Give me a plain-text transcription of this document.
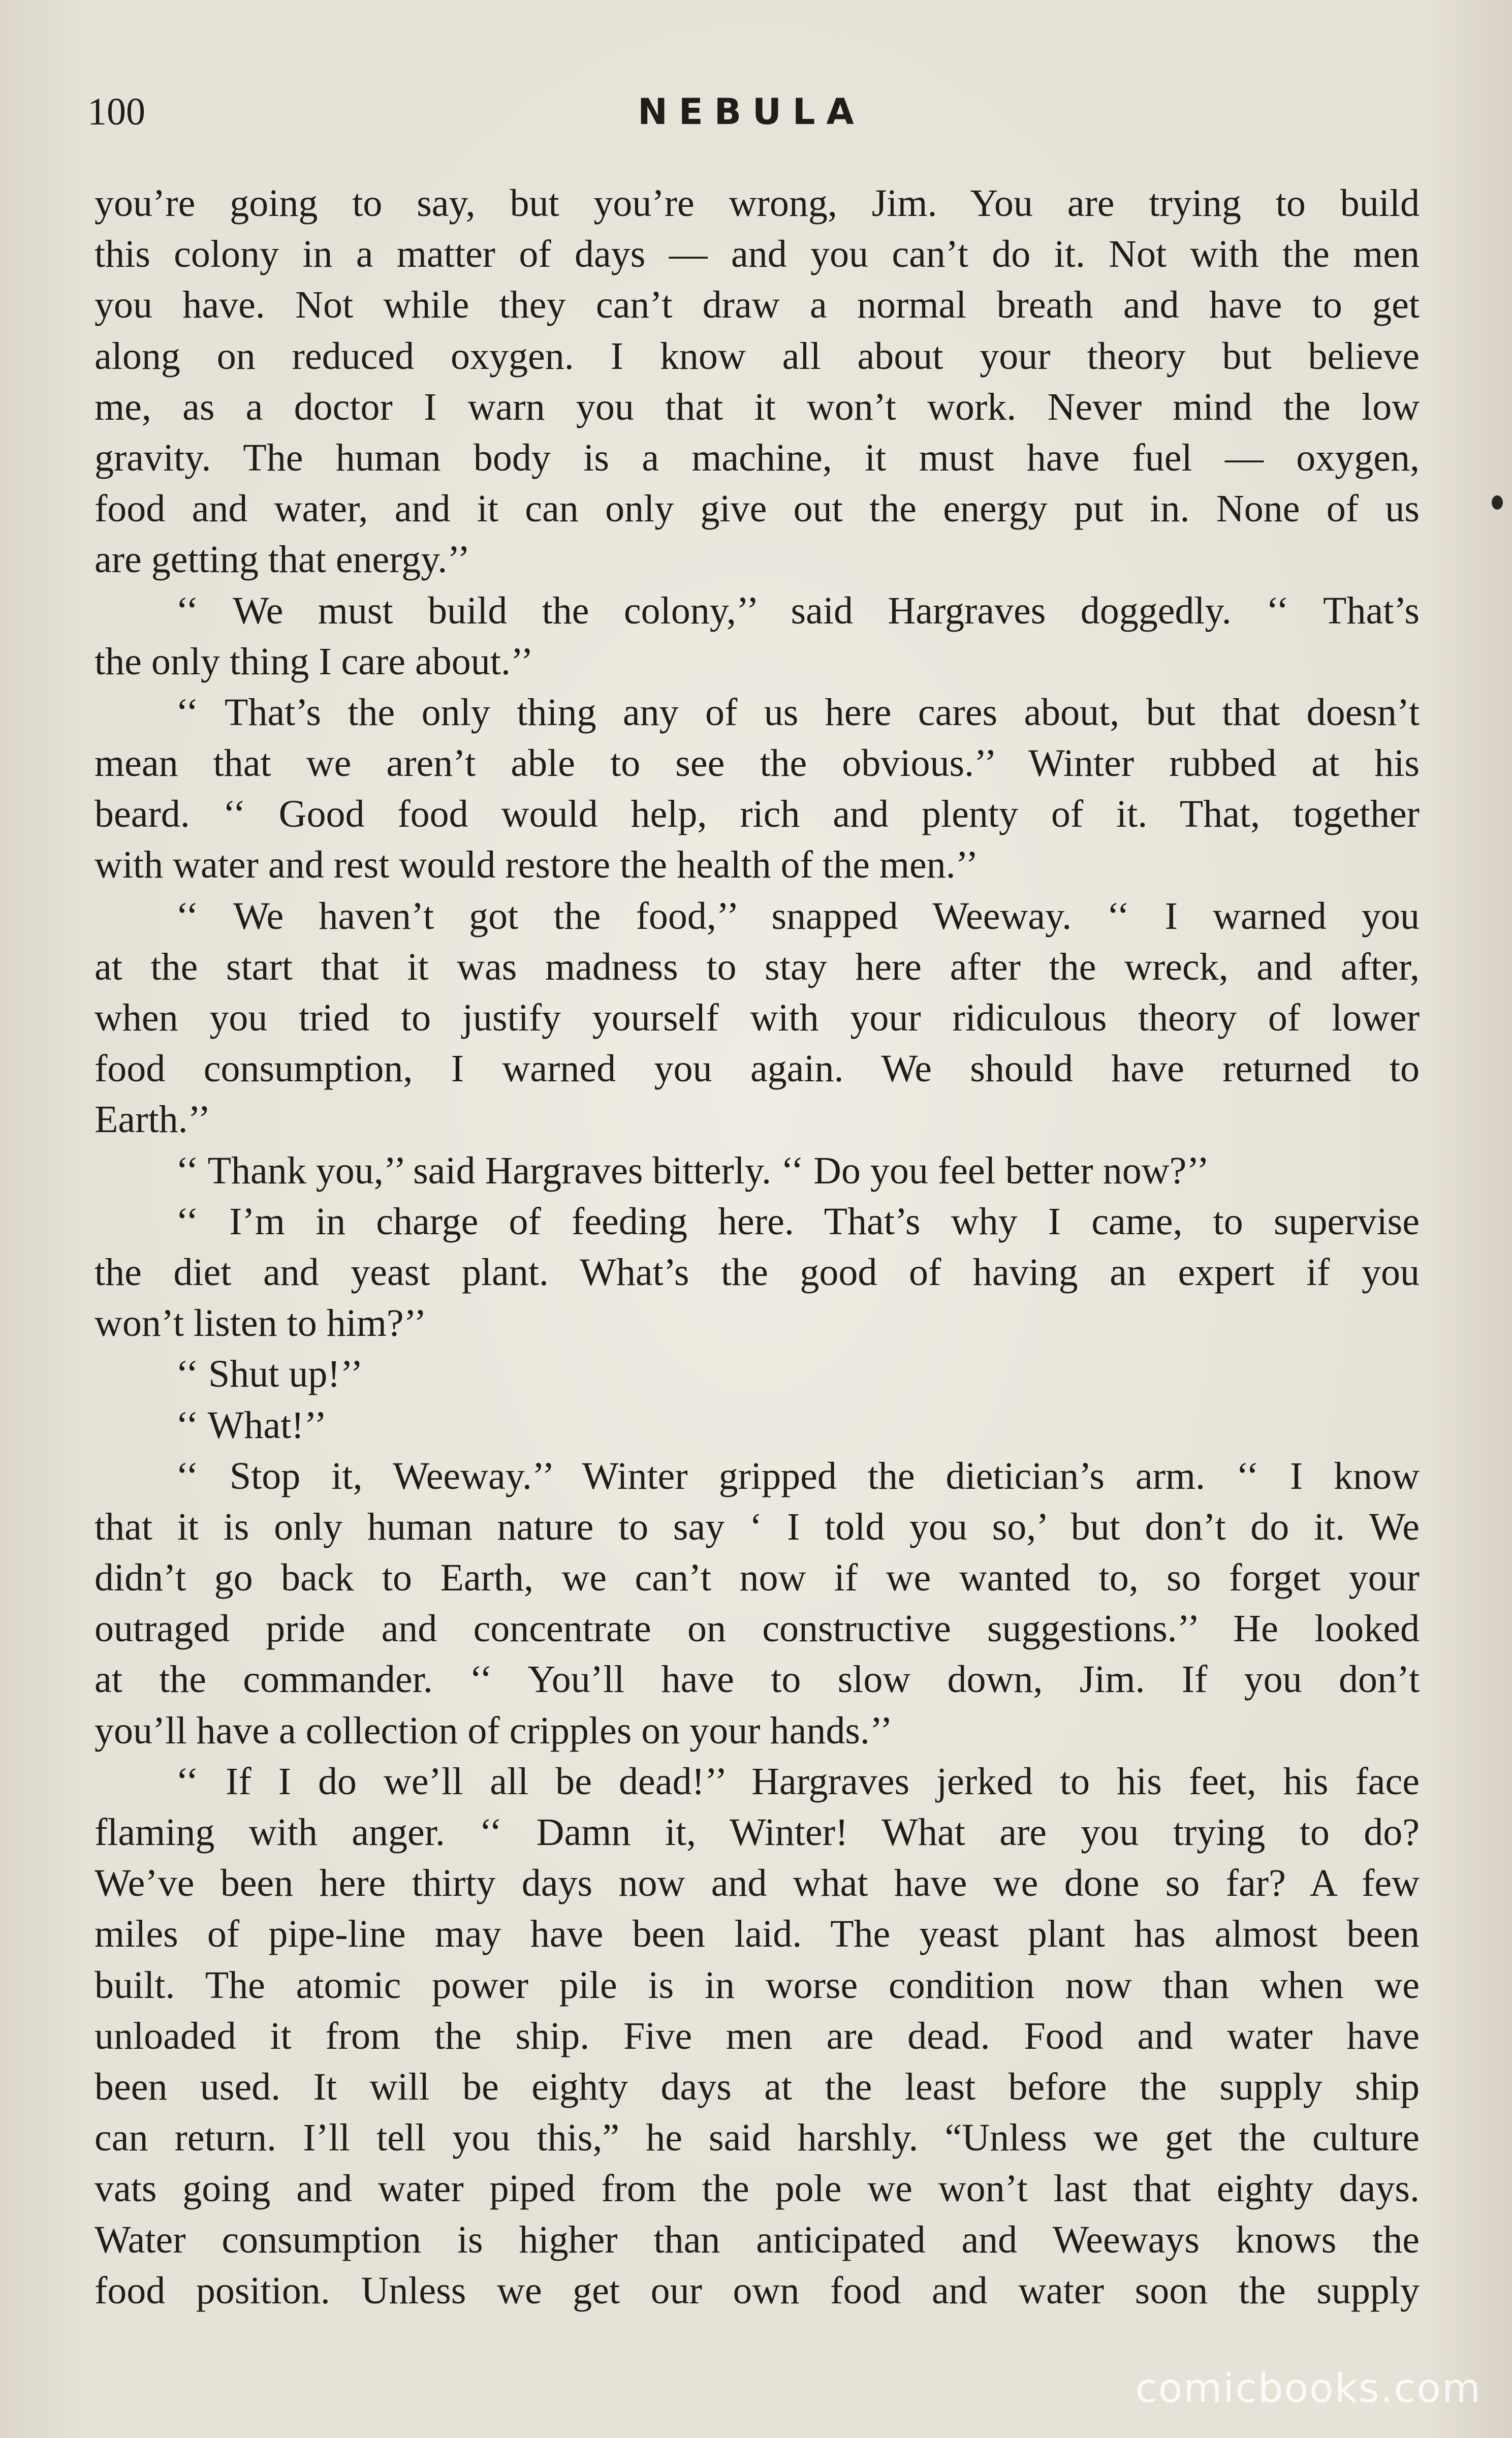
100	NEBULA
you’re going to say, but you’re wrong, Jim. You are trying to build
this colony in a matter of days — and you can’t do it. Not with the men
you have. Not while they can’t draw a normal breath and have to get
along on reduced oxygen. I know all about your theory but believe
me, as a doctor I warn you that it won’t work. Never mind the low
gravity. The human body is a machine, it must have fuel — oxygen,
food and water, and it can only give out the energy put in. None of us
are getting that energy.’’
‘‘ We must build the colony,’’ said Hargraves doggedly. ‘‘ That’s
the only thing I care about.’’
‘‘ That’s the only thing any of us here cares about, but that doesn’t
mean that we aren’t able to see the obvious.’’ Winter rubbed at his
beard. ‘‘ Good food would help, rich and plenty of it. That, together
with water and rest would restore the health of the men.’’
‘‘ We haven’t got the food,’’ snapped Weeway. ‘‘ I warned you
at the start that it was madness to stay here after the wreck, and after,
when you tried to justify yourself with your ridiculous theory of lower
food consumption, I warned you again. We should have returned to
Earth.’’
‘‘ Thank you,’’ said Hargraves bitterly. ‘‘ Do you feel better now?’’
‘‘ I’m in charge of feeding here. That’s why I came, to supervise
the diet and yeast plant. What’s the good of having an expert if you
won’t listen to him?’’
‘‘ Shut up!’’
‘‘ What!’’
‘‘ Stop it, Weeway.’’ Winter gripped the dietician’s arm. ‘‘ I know
that it is only human nature to say ‘ I told you so,’ but don’t do it. We
didn’t go back to Earth, we can’t now if we wanted to, so forget your
outraged pride and concentrate on constructive suggestions.’’ He looked
at the commander. ‘‘ You’ll have to slow down, Jim. If you don’t
you’ll have a collection of cripples on your hands.’’
‘‘ If I do we’ll all be dead!’’ Hargraves jerked to his feet, his face
flaming with anger. ‘‘ Damn it, Winter! What are you trying to do?
We’ve been here thirty days now and what have we done so far? A few
miles of pipe-line may have been laid. The yeast plant has almost been
built. The atomic power pile is in worse condition now than when we
unloaded it from the ship. Five men are dead. Food and water have
been used. It will be eighty days at the least before the supply ship
can return. I’ll tell you this,” he said harshly. “Unless we get the culture
vats going and water piped from the pole we won’t last that eighty days.
Water consumption is higher than anticipated and Weeways knows the
food position. Unless we get our own food and water soon the supply
comicbooks.com
